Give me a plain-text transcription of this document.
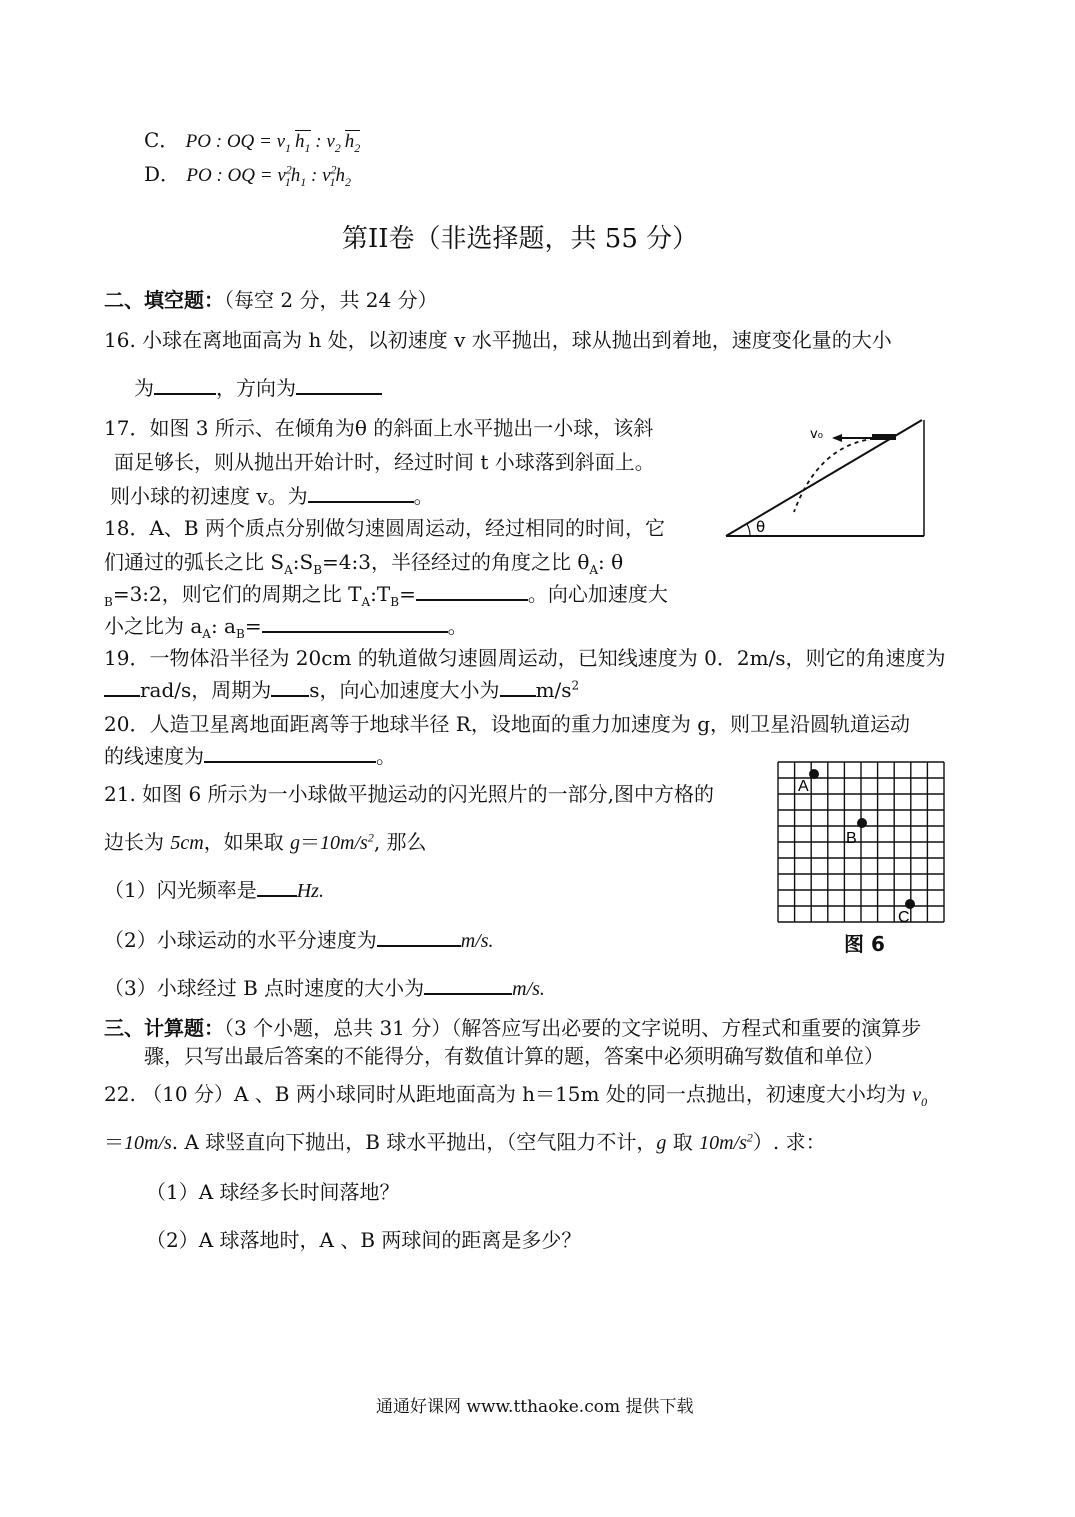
C． PO : OQ = $v_1$ $h_1$ : $v_2$ $h_2$
D． PO : OQ = $v^2_1h_1$ : $v^2_1h_2$
第II卷（非选择题，共 55 分）
二、填空题：（每空 2 分，共 24 分）
16. 小球在离地面高为 h 处，以初速度 v 水平抛出，球从抛出到着地，速度变化量的大小
为	，方向为
17．如图 3 所示、在倾角为θ 的斜面上水平抛出一小球，该斜
面足够长，则从抛出开始计时，经过时间 t 小球落到斜面上。
则小球的初速度 v。为	。
θ
v₀
18．A、B 两个质点分别做匀速圆周运动，经过相同的时间，它
们通过的弧长之比 $S_A:S_B=4:3$，半径经过的角度之比 $\theta_A$: θ
$_B$=3:2，则它们的周期之比 $T_A:T_B=$	。向心加速度大
小之比为 $a_A$: $a_B=$	。
19．一物体沿半径为 20cm 的轨道做匀速圆周运动，已知线速度为 0．2m/s，则它的角速度为
rad/s，周期为 s，向心加速度大小为 $m/s^2$
20．人造卫星离地面距离等于地球半径 R，设地面的重力加速度为 g，则卫星沿圆轨道运动
的线速度为	。
21. 如图 6 所示为一小球做平抛运动的闪光照片的一部分,图中方格的
边长为 5cm，如果取 $g=10m/s^2$, 那么
（1）闪光频率是 Hz.
（2）小球运动的水平分速度为	m/s.
（3）小球经过 B 点时速度的大小为	m/s.
A
B
C
图 6
三、计算题：（3 个小题，总共 31 分）（解答应写出必要的文字说明、方程式和重要的演算步
骤，只写出最后答案的不能得分，有数值计算的题，答案中必须明确写数值和单位）
22. （10 分）A 、B 两小球同时从距地面高为 h＝15m 处的同一点抛出，初速度大小均为 $v_0$
＝10m/s. A 球竖直向下抛出，B 球水平抛出，（空气阻力不计，g 取 $10m/s^2$）. 求：
（1）A 球经多长时间落地？
（2）A 球落地时，A 、B 两球间的距离是多少？
通通好课网 www.tthaoke.com 提供下载
